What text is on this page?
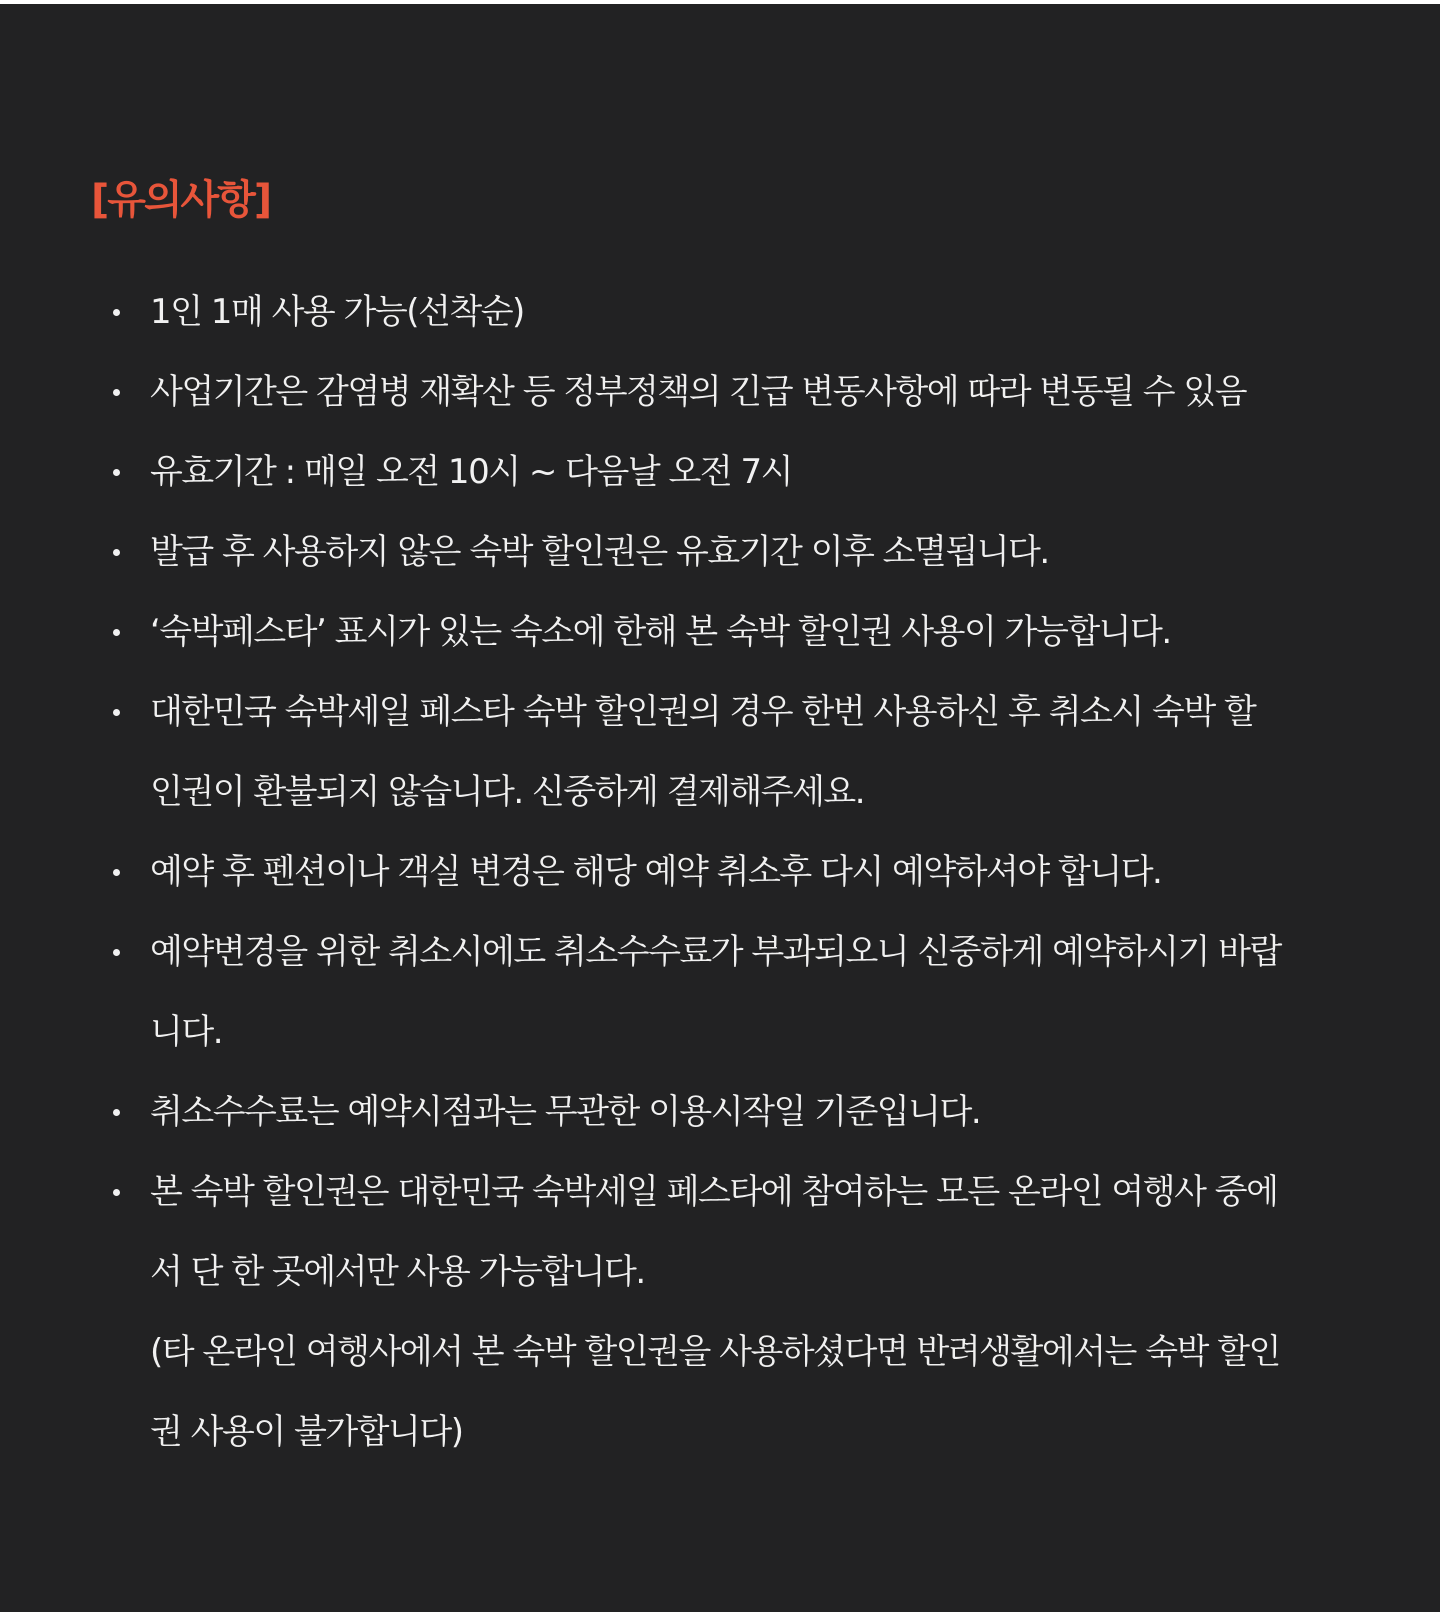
[유의사항]
1인 1매 사용 가능(선착순)
사업기간은 감염병 재확산 등 정부정책의 긴급 변동사항에 따라 변동될 수 있음
유효기간 : 매일 오전 10시 ~ 다음날 오전 7시
발급 후 사용하지 않은 숙박 할인권은 유효기간 이후 소멸됩니다.
‘숙박페스타’ 표시가 있는 숙소에 한해 본 숙박 할인권 사용이 가능합니다.
대한민국 숙박세일 페스타 숙박 할인권의 경우 한번 사용하신 후 취소시 숙박 할
인권이 환불되지 않습니다. 신중하게 결제해주세요.
예약 후 펜션이나 객실 변경은 해당 예약 취소후 다시 예약하셔야 합니다.
예약변경을 위한 취소시에도 취소수수료가 부과되오니 신중하게 예약하시기 바랍
니다.
취소수수료는 예약시점과는 무관한 이용시작일 기준입니다.
본 숙박 할인권은 대한민국 숙박세일 페스타에 참여하는 모든 온라인 여행사 중에
서 단 한 곳에서만 사용 가능합니다.
(타 온라인 여행사에서 본 숙박 할인권을 사용하셨다면 반려생활에서는 숙박 할인
권 사용이 불가합니다)
